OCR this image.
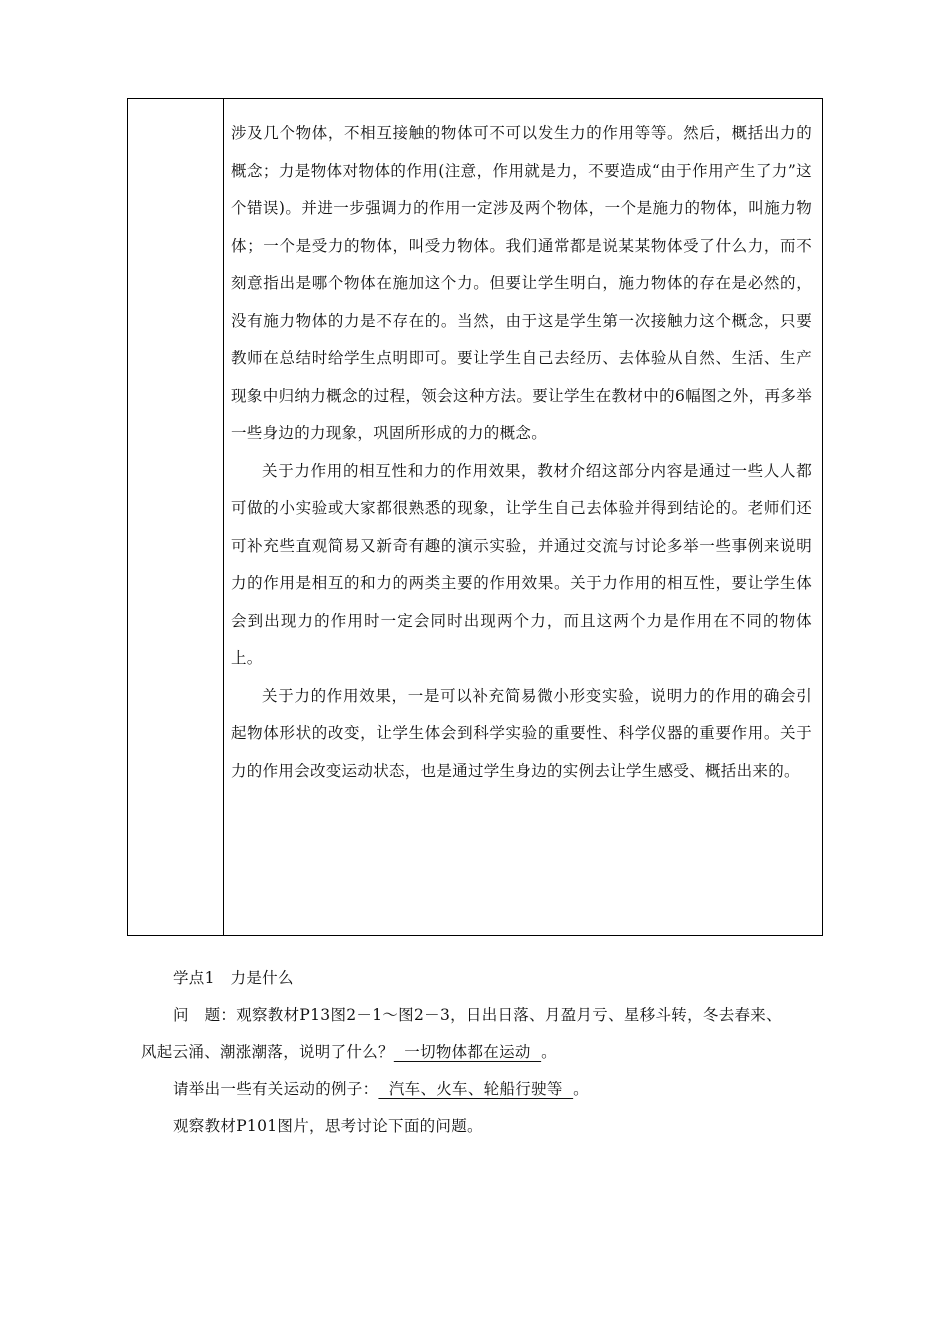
涉及几个物体，不相互接触的物体可不可以发生力的作用等等。然后，概括出力的概念；力是物体对物体的作用(注意，作用就是力，不要造成“由于作用产生了力”这个错误)。并进一步强调力的作用一定涉及两个物体，一个是施力的物体，叫施力物体；一个是受力的物体，叫受力物体。我们通常都是说某某物体受了什么力，而不刻意指出是哪个物体在施加这个力。但要让学生明白，施力物体的存在是必然的，没有施力物体的力是不存在的。当然，由于这是学生第一次接触力这个概念，只要教师在总结时给学生点明即可。要让学生自己去经历、去体验从自然、生活、生产现象中归纳力概念的过程，领会这种方法。要让学生在教材中的6幅图之外，再多举一些身边的力现象，巩固所形成的力的概念。

关于力作用的相互性和力的作用效果，教材介绍这部分内容是通过一些人人都可做的小实验或大家都很熟悉的现象，让学生自己去体验并得到结论的。老师们还可补充些直观简易又新奇有趣的演示实验，并通过交流与讨论多举一些事例来说明力的作用是相互的和力的两类主要的作用效果。关于力作用的相互性，要让学生体会到出现力的作用时一定会同时出现两个力，而且这两个力是作用在不同的物体上。

关于力的作用效果，一是可以补充简易微小形变实验，说明力的作用的确会引起物体形状的改变，让学生体会到科学实验的重要性、科学仪器的重要作用。关于力的作用会改变运动状态，也是通过学生身边的实例去让学生感受、概括出来的。

学点1　力是什么

问　题：观察教材P13图2－1～图2－3，日出日落、月盈月亏、星移斗转，冬去春来、

风起云涌、潮涨潮落，说明了什么？  一切物体都在运动  。

请举出一些有关运动的例子：  汽车、火车、轮船行驶等  。

观察教材P101图片，思考讨论下面的问题。
